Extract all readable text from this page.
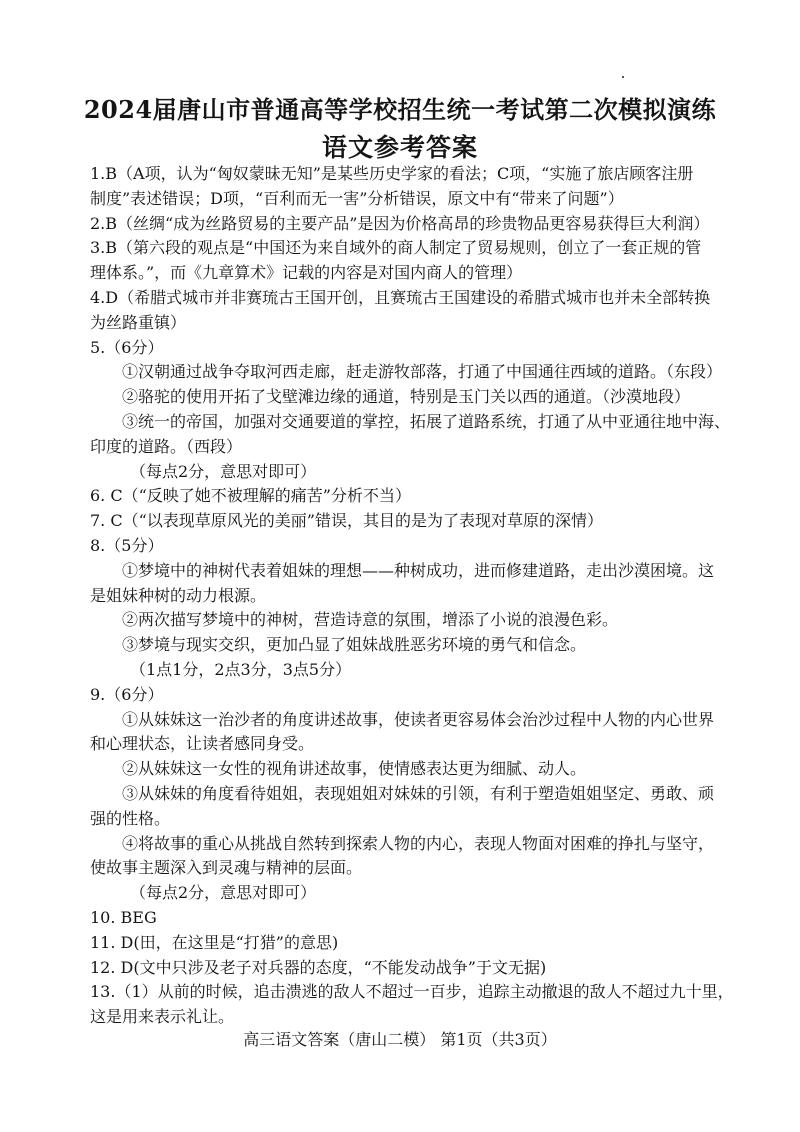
2024届唐山市普通高等学校招生统一考试第二次模拟演练
语文参考答案
1.B（A项，认为“匈奴蒙昧无知”是某些历史学家的看法；C项，“实施了旅店顾客注册
制度”表述错误；D项，“百利而无一害”分析错误，原文中有“带来了问题”）
2.B（丝绸“成为丝路贸易的主要产品”是因为价格高昂的珍贵物品更容易获得巨大利润）
3.B（第六段的观点是“中国还为来自域外的商人制定了贸易规则，创立了一套正规的管
理体系。”，而《九章算术》记载的内容是对国内商人的管理）
4.D（希腊式城市并非赛琉古王国开创，且赛琉古王国建设的希腊式城市也并未全部转换
为丝路重镇）
5.（6分）
①汉朝通过战争夺取河西走廊，赶走游牧部落，打通了中国通往西域的道路。（东段）
②骆驼的使用开拓了戈壁滩边缘的通道，特别是玉门关以西的通道。（沙漠地段）
③统一的帝国，加强对交通要道的掌控，拓展了道路系统，打通了从中亚通往地中海、
印度的道路。（西段）
（每点2分，意思对即可）
6. C（“反映了她不被理解的痛苦”分析不当）
7. C（“以表现草原风光的美丽”错误，其目的是为了表现对草原的深情）
8.（5分）
①梦境中的神树代表着姐妹的理想——种树成功，进而修建道路，走出沙漠困境。这
是姐妹种树的动力根源。
②两次描写梦境中的神树，营造诗意的氛围，增添了小说的浪漫色彩。
③梦境与现实交织，更加凸显了姐妹战胜恶劣环境的勇气和信念。
（1点1分，2点3分，3点5分）
9.（6分）
①从妹妹这一治沙者的角度讲述故事，使读者更容易体会治沙过程中人物的内心世界
和心理状态，让读者感同身受。
②从妹妹这一女性的视角讲述故事，使情感表达更为细腻、动人。
③从妹妹的角度看待姐姐，表现姐姐对妹妹的引领，有利于塑造姐姐坚定、勇敢、顽
强的性格。
④将故事的重心从挑战自然转到探索人物的内心，表现人物面对困难的挣扎与坚守，
使故事主题深入到灵魂与精神的层面。
（每点2分，意思对即可）
10. BEG
11. D(田，在这里是“打猎”的意思)
12. D(文中只涉及老子对兵器的态度，“不能发动战争”于文无据)
13.（1）从前的时候，追击溃逃的敌人不超过一百步，追踪主动撤退的敌人不超过九十里，
这是用来表示礼让。
高三语文答案（唐山二模） 第1页（共3页）
